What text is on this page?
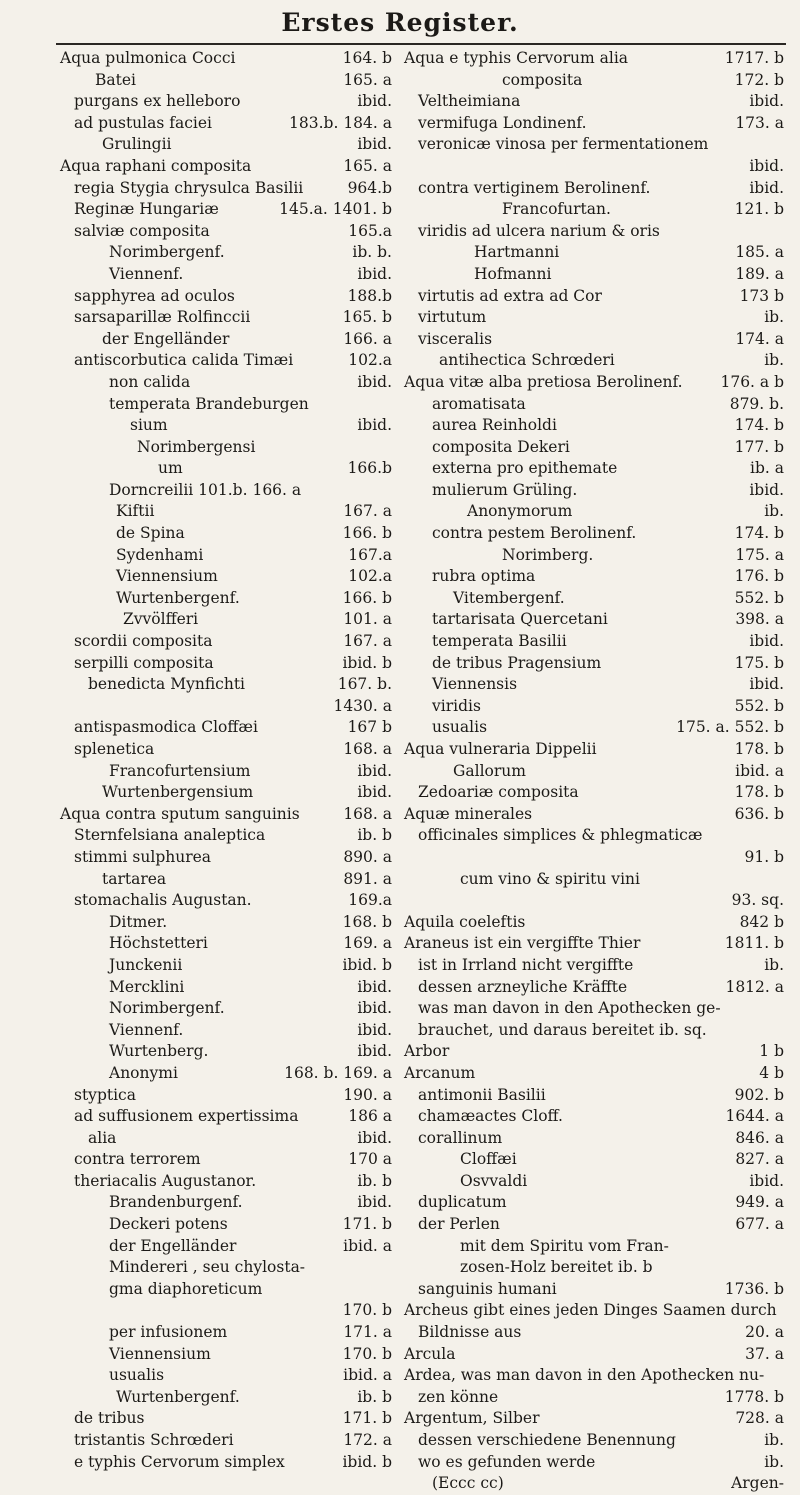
Erstes Register.
Aqua pulmonica Cocci	164. b
Batei	165. a
purgans ex helleboro	ibid.
ad pustulas faciei	183.b. 184. a
Grulingii	ibid.
Aqua raphani composita	165. a
regia Stygia chrysulca Basilii	964.b
Reginæ Hungariæ	145.a. 1401. b
salviæ composita	165.a
Norimbergenf.	ib. b.
Viennenf.	ibid.
sapphyrea ad oculos	188.b
sarsaparillæ Rolfinccii	165. b
der Engelländer	166. a
antiscorbutica calida Timæi	102.a
non calida	ibid.
temperata Brandeburgen
sium	ibid.
Norimbergensi
um	166.b
Dorncreilii 101.b. 166. a
Kiftii	167. a
de Spina	166. b
Sydenhami	167.a
Viennensium	102.a
Wurtenbergenf.	166. b
Zvvölfferi	101. a
scordii composita	167. a
serpilli composita	ibid. b
benedicta Mynfichti	167. b.
1430. a
antispasmodica Cloffæi	167 b
splenetica	168. a
Francofurtensium	ibid.
Wurtenbergensium	ibid.
Aqua contra sputum sanguinis	168. a
Sternfelsiana analeptica	ib. b
stimmi sulphurea	890. a
tartarea	891. a
stomachalis Augustan.	169.a
Ditmer.	168. b
Höchstetteri	169. a
Junckenii	ibid. b
Mercklini	ibid.
Norimbergenf.	ibid.
Viennenf.	ibid.
Wurtenberg.	ibid.
Anonymi	168. b. 169. a
styptica	190. a
ad suffusionem expertissima	186 a
alia	ibid.
contra terrorem	170 a
theriacalis Augustanor.	ib. b
Brandenburgenf.	ibid.
Deckeri potens	171. b
der Engelländer	ibid. a
Mindereri , seu chylosta-
gma diaphoreticum
170. b
per infusionem	171. a
Viennensium	170. b
usualis	ibid. a
Wurtenbergenf.	ib. b
de tribus	171. b
tristantis Schrœderi	172. a
e typhis Cervorum simplex	ibid. b
Aqua e typhis Cervorum alia	1717. b
composita	172. b
Veltheimiana	ibid.
vermifuga Londinenf.	173. a
veronicæ vinosa per fermentationem
ibid.
contra vertiginem Berolinenf.	ibid.
Francofurtan.	121. b
viridis ad ulcera narium & oris
Hartmanni	185. a
Hofmanni	189. a
virtutis ad extra ad Cor	173 b
virtutum	ib.
visceralis	174. a
antihectica Schrœderi	ib.
Aqua vitæ alba pretiosa Berolinenf. 176. a b
aromatisata	879. b.
aurea Reinholdi	174. b
composita Dekeri	177. b
externa pro epithemate	ib. a
mulierum Grüling.	ibid.
Anonymorum	ib.
contra pestem Berolinenf.	174. b
Norimberg.	175. a
rubra optima	176. b
Vitembergenf.	552. b
tartarisata Quercetani	398. a
temperata Basilii	ibid.
de tribus Pragensium	175. b
Viennensis	ibid.
viridis	552. b
usualis	175. a. 552. b
Aqua vulneraria Dippelii	178. b
Gallorum	ibid. a
Zedoariæ composita	178. b
Aquæ minerales	636. b
officinales simplices & phlegmaticæ
91. b
cum vino & spiritu vini
93. sq.
Aquila coeleftis	842 b
Araneus ist ein vergiffte Thier	1811. b
ist in Irrland nicht vergiffte	ib.
dessen arzneyliche Kräffte	1812. a
was man davon in den Apothecken ge-
brauchet, und daraus bereitet ib. sq.
Arbor	1 b
Arcanum	4 b
antimonii Basilii	902. b
chamæactes Cloff.	1644. a
corallinum	846. a
Cloffæi	827. a
Osvvaldi	ibid.
duplicatum	949. a
der Perlen	677. a
mit dem Spiritu vom Fran-
zosen-Holz bereitet ib. b
sanguinis humani	1736. b
Archeus gibt eines jeden Dinges Saamen durch
Bildnisse aus	20. a
Arcula	37. a
Ardea, was man davon in den Apothecken nu-
zen könne	1778. b
Argentum, Silber	728. a
dessen verschiedene Benennung	ib.
wo es gefunden werde	ib.
(Eccc cc)	Argen-
